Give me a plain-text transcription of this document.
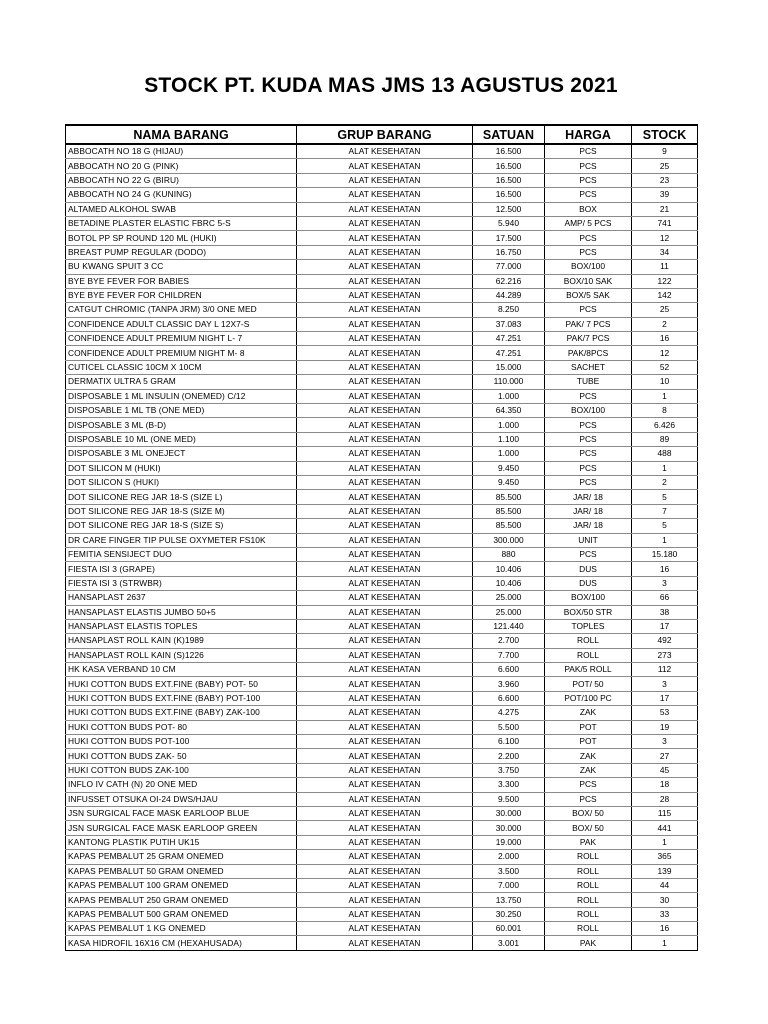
STOCK PT. KUDA MAS JMS 13 AGUSTUS 2021
NAMA BARANG	GRUP BARANG	SATUAN	HARGA	STOCK
ABBOCATH NO 18 G (HIJAU)	ALAT KESEHATAN	16.500	PCS	9
ABBOCATH NO 20 G (PINK)	ALAT KESEHATAN	16.500	PCS	25
ABBOCATH NO 22 G (BIRU)	ALAT KESEHATAN	16.500	PCS	23
ABBOCATH NO 24 G (KUNING)	ALAT KESEHATAN	16.500	PCS	39
ALTAMED ALKOHOL SWAB	ALAT KESEHATAN	12.500	BOX	21
BETADINE PLASTER ELASTIC FBRC 5-S	ALAT KESEHATAN	5.940	AMP/ 5 PCS	741
BOTOL PP SP ROUND 120 ML (HUKI)	ALAT KESEHATAN	17.500	PCS	12
BREAST PUMP REGULAR (DODO)	ALAT KESEHATAN	16.750	PCS	34
BU KWANG SPUIT 3 CC	ALAT KESEHATAN	77.000	BOX/100	11
BYE BYE FEVER FOR BABIES	ALAT KESEHATAN	62.216	BOX/10 SAK	122
BYE BYE FEVER FOR CHILDREN	ALAT KESEHATAN	44.289	BOX/5 SAK	142
CATGUT CHROMIC (TANPA JRM) 3/0 ONE MED	ALAT KESEHATAN	8.250	PCS	25
CONFIDENCE ADULT CLASSIC DAY L 12X7-S	ALAT KESEHATAN	37.083	PAK/ 7 PCS	2
CONFIDENCE ADULT PREMIUM NIGHT L- 7	ALAT KESEHATAN	47.251	PAK/7 PCS	16
CONFIDENCE ADULT PREMIUM NIGHT M- 8	ALAT KESEHATAN	47.251	PAK/8PCS	12
CUTICEL CLASSIC 10CM X 10CM	ALAT KESEHATAN	15.000	SACHET	52
DERMATIX ULTRA 5 GRAM	ALAT KESEHATAN	110.000	TUBE	10
DISPOSABLE 1 ML INSULIN (ONEMED) C/12	ALAT KESEHATAN	1.000	PCS	1
DISPOSABLE 1 ML TB (ONE MED)	ALAT KESEHATAN	64.350	BOX/100	8
DISPOSABLE 3 ML (B-D)	ALAT KESEHATAN	1.000	PCS	6.426
DISPOSABLE 10 ML (ONE MED)	ALAT KESEHATAN	1.100	PCS	89
DISPOSABLE 3 ML ONEJECT	ALAT KESEHATAN	1.000	PCS	488
DOT SILICON M (HUKI)	ALAT KESEHATAN	9.450	PCS	1
DOT SILICON S (HUKI)	ALAT KESEHATAN	9.450	PCS	2
DOT SILICONE REG JAR 18-S (SIZE L)	ALAT KESEHATAN	85.500	JAR/ 18	5
DOT SILICONE REG JAR 18-S (SIZE M)	ALAT KESEHATAN	85.500	JAR/ 18	7
DOT SILICONE REG JAR 18-S (SIZE S)	ALAT KESEHATAN	85.500	JAR/ 18	5
DR CARE FINGER TIP PULSE OXYMETER FS10K	ALAT KESEHATAN	300.000	UNIT	1
FEMITIA SENSIJECT DUO	ALAT KESEHATAN	880	PCS	15.180
FIESTA ISI 3 (GRAPE)	ALAT KESEHATAN	10.406	DUS	16
FIESTA ISI 3 (STRWBR)	ALAT KESEHATAN	10.406	DUS	3
HANSAPLAST 2637	ALAT KESEHATAN	25.000	BOX/100	66
HANSAPLAST ELASTIS JUMBO 50+5	ALAT KESEHATAN	25.000	BOX/50 STR	38
HANSAPLAST ELASTIS TOPLES	ALAT KESEHATAN	121.440	TOPLES	17
HANSAPLAST ROLL KAIN (K)1989	ALAT KESEHATAN	2.700	ROLL	492
HANSAPLAST ROLL KAIN (S)1226	ALAT KESEHATAN	7.700	ROLL	273
HK KASA VERBAND 10 CM	ALAT KESEHATAN	6.600	PAK/5 ROLL	112
HUKI COTTON BUDS EXT.FINE (BABY) POT- 50	ALAT KESEHATAN	3.960	POT/ 50	3
HUKI COTTON BUDS EXT.FINE (BABY) POT-100	ALAT KESEHATAN	6.600	POT/100 PC	17
HUKI COTTON BUDS EXT.FINE (BABY) ZAK-100	ALAT KESEHATAN	4.275	ZAK	53
HUKI COTTON BUDS POT- 80	ALAT KESEHATAN	5.500	POT	19
HUKI COTTON BUDS POT-100	ALAT KESEHATAN	6.100	POT	3
HUKI COTTON BUDS ZAK- 50	ALAT KESEHATAN	2.200	ZAK	27
HUKI COTTON BUDS ZAK-100	ALAT KESEHATAN	3.750	ZAK	45
INFLO IV CATH (N) 20 ONE MED	ALAT KESEHATAN	3.300	PCS	18
INFUSSET OTSUKA OI-24 DWS/HJAU	ALAT KESEHATAN	9.500	PCS	28
JSN SURGICAL FACE MASK EARLOOP BLUE	ALAT KESEHATAN	30.000	BOX/ 50	115
JSN SURGICAL FACE MASK EARLOOP GREEN	ALAT KESEHATAN	30.000	BOX/ 50	441
KANTONG PLASTIK PUTIH UK15	ALAT KESEHATAN	19.000	PAK	1
KAPAS PEMBALUT 25 GRAM ONEMED	ALAT KESEHATAN	2.000	ROLL	365
KAPAS PEMBALUT 50 GRAM ONEMED	ALAT KESEHATAN	3.500	ROLL	139
KAPAS PEMBALUT 100 GRAM ONEMED	ALAT KESEHATAN	7.000	ROLL	44
KAPAS PEMBALUT 250 GRAM ONEMED	ALAT KESEHATAN	13.750	ROLL	30
KAPAS PEMBALUT 500 GRAM ONEMED	ALAT KESEHATAN	30.250	ROLL	33
KAPAS PEMBALUT 1 KG ONEMED	ALAT KESEHATAN	60.001	ROLL	16
KASA HIDROFIL 16X16 CM (HEXAHUSADA)	ALAT KESEHATAN	3.001	PAK	1
